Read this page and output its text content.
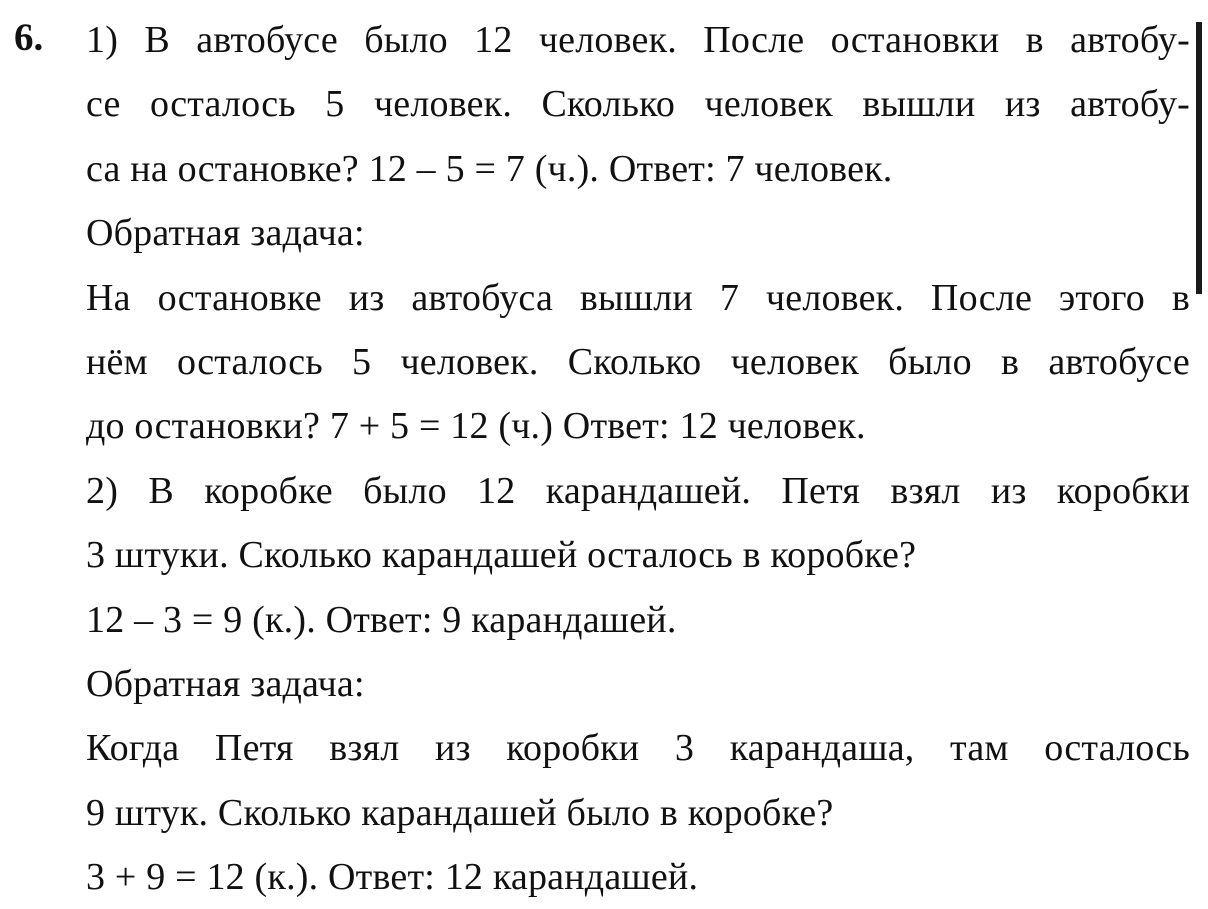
6. 1) В автобусе было 12 человек. После остановки в автобу-
се осталось 5 человек. Сколько человек вышли из автобу-
са на остановке? 12 – 5 = 7 (ч.). Ответ: 7 человек.
Обратная задача:
На остановке из автобуса вышли 7 человек. После этого в
нём осталось 5 человек. Сколько человек было в автобусе
до остановки? 7 + 5 = 12 (ч.) Ответ: 12 человек.
2) В коробке было 12 карандашей. Петя взял из коробки
3 штуки. Сколько карандашей осталось в коробке?
12 – 3 = 9 (к.). Ответ: 9 карандашей.
Обратная задача:
Когда Петя взял из коробки 3 карандаша, там осталось
9 штук. Сколько карандашей было в коробке?
3 + 9 = 12 (к.). Ответ: 12 карандашей.
